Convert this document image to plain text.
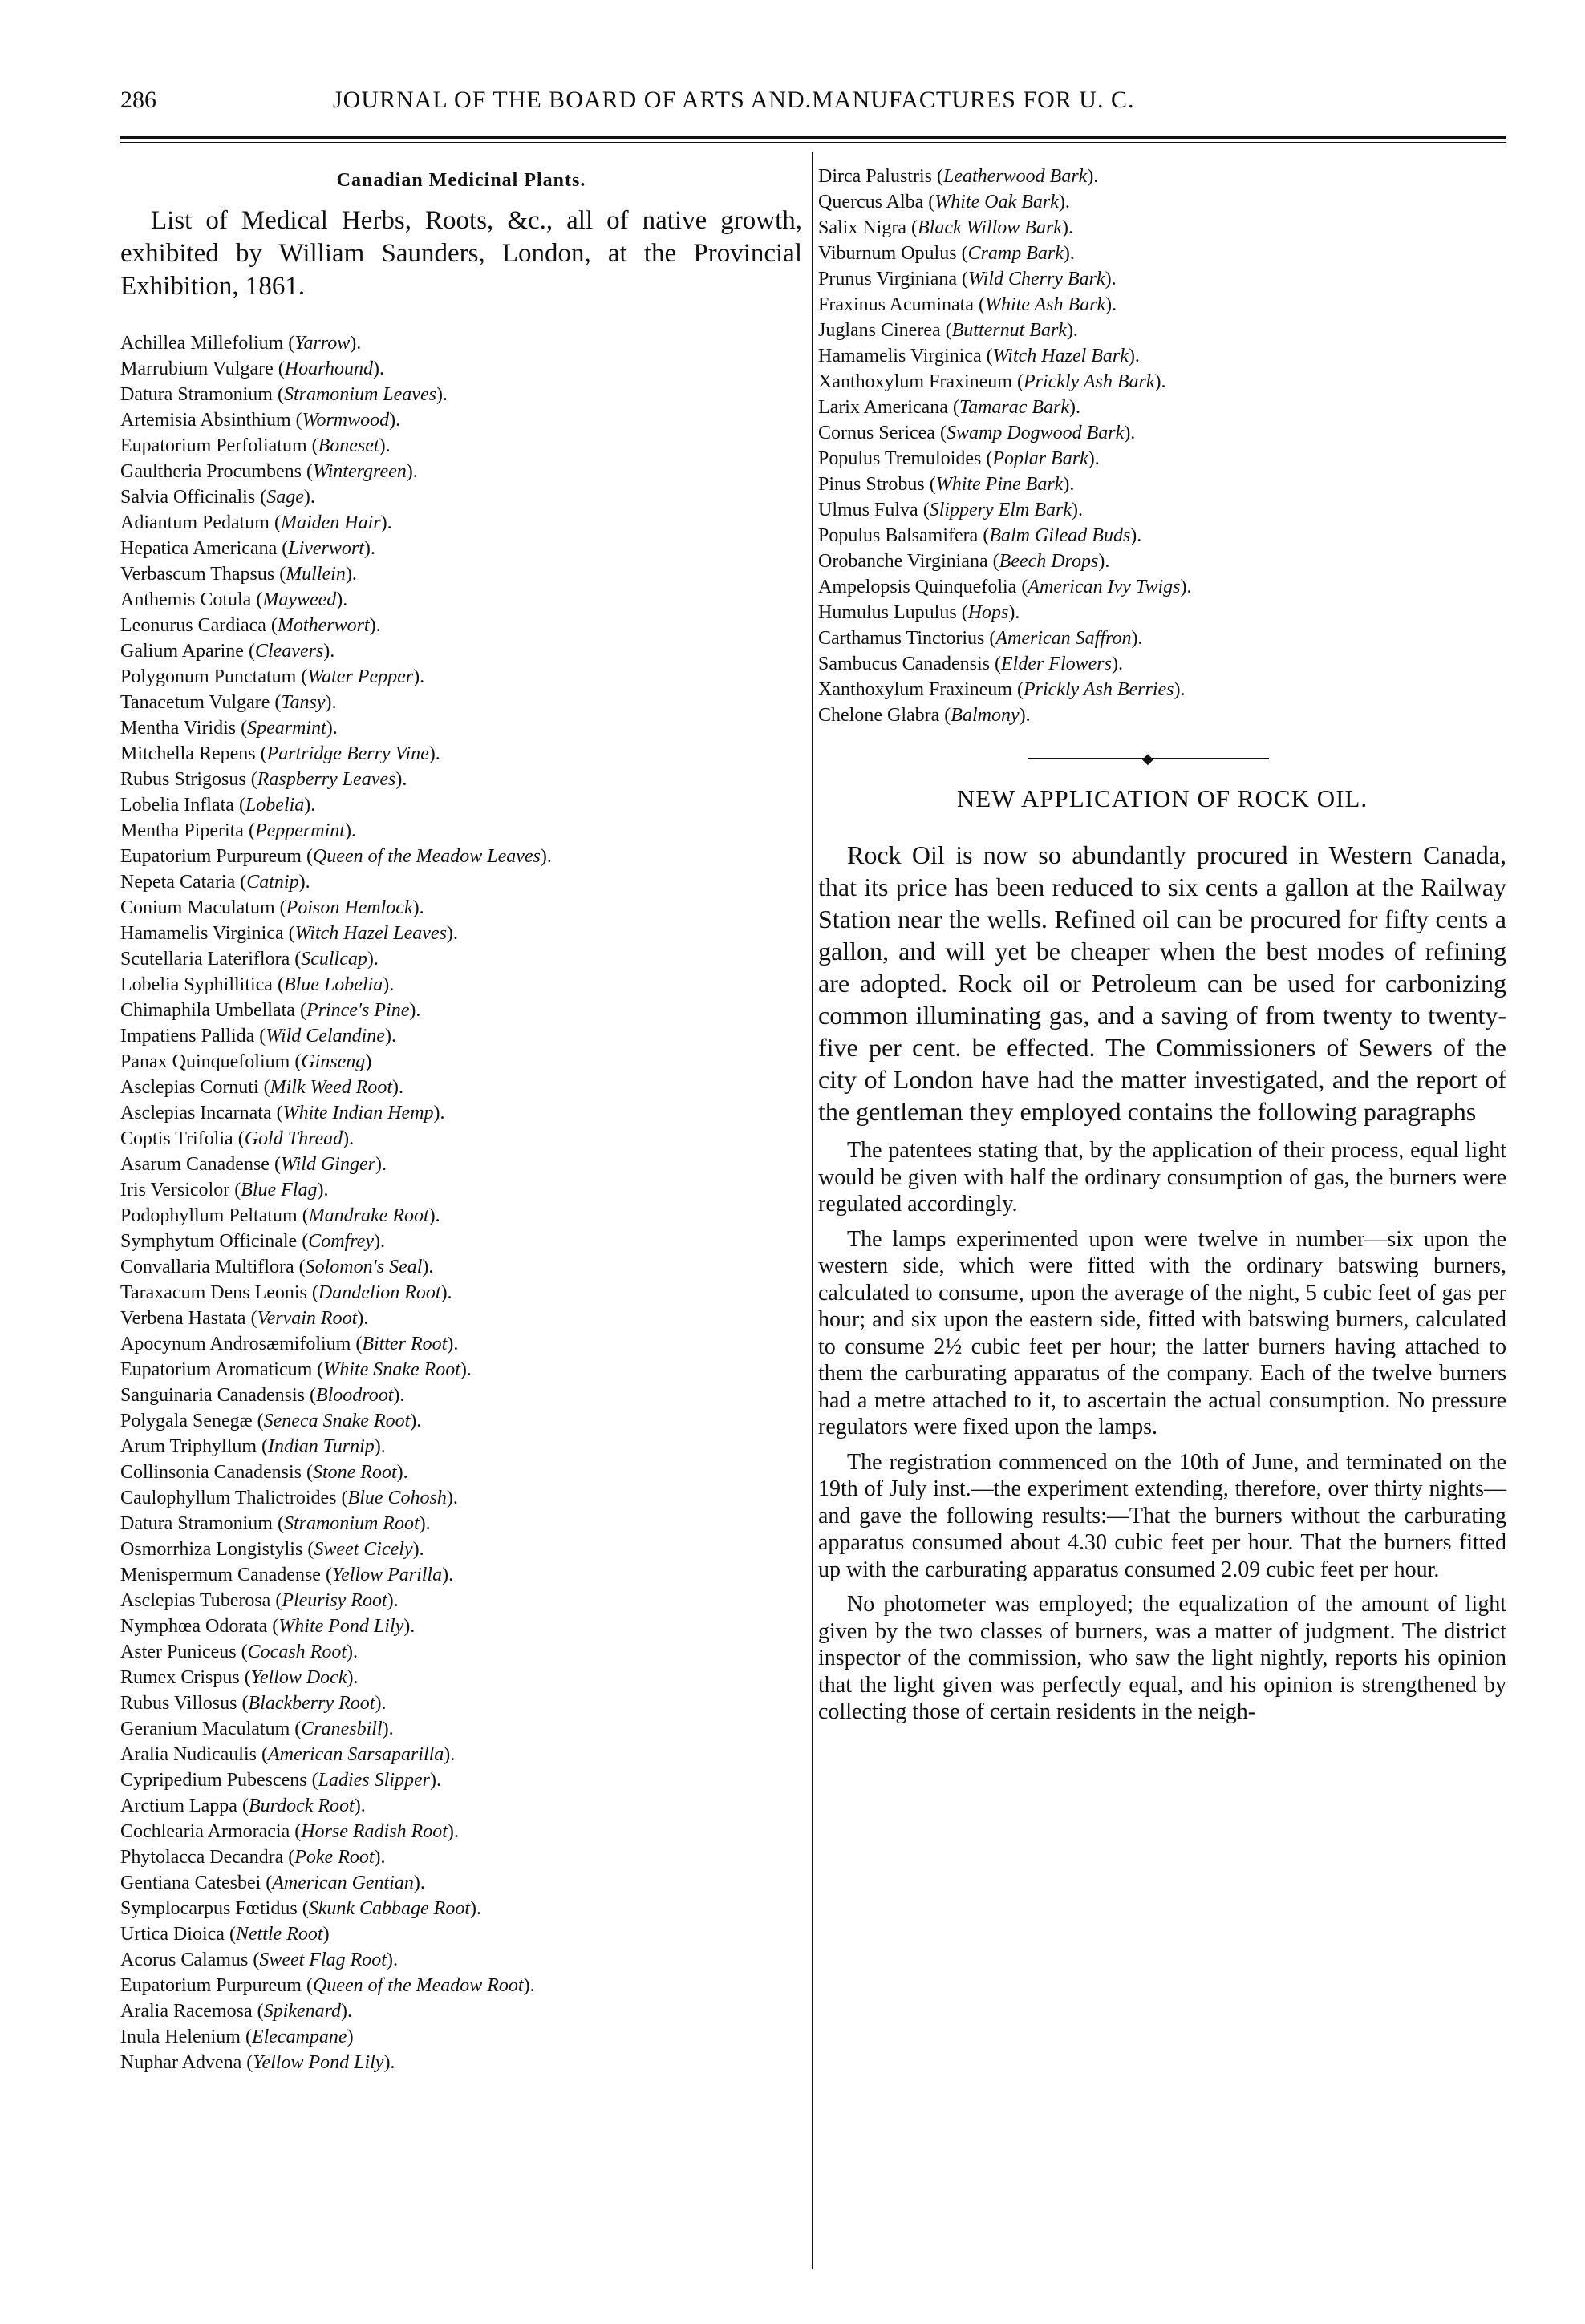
286	JOURNAL OF THE BOARD OF ARTS AND.MANUFACTURES FOR U. C.
Canadian Medicinal Plants.

List of Medical Herbs, Roots, &c., all of native growth, exhibited by William Saunders, London, at the Provincial Exhibition, 1861.

Achillea Millefolium (Yarrow).
Marrubium Vulgare (Hoarhound).
Datura Stramonium (Stramonium Leaves).
Artemisia Absinthium (Wormwood).
Eupatorium Perfoliatum (Boneset).
Gaultheria Procumbens (Wintergreen).
Salvia Officinalis (Sage).
Adiantum Pedatum (Maiden Hair).
Hepatica Americana (Liverwort).
Verbascum Thapsus (Mullein).
Anthemis Cotula (Mayweed).
Leonurus Cardiaca (Motherwort).
Galium Aparine (Cleavers).
Polygonum Punctatum (Water Pepper).
Tanacetum Vulgare (Tansy).
Mentha Viridis (Spearmint).
Mitchella Repens (Partridge Berry Vine).
Rubus Strigosus (Raspberry Leaves).
Lobelia Inflata (Lobelia).
Mentha Piperita (Peppermint).
Eupatorium Purpureum (Queen of the Meadow Leaves).
Nepeta Cataria (Catnip).
Conium Maculatum (Poison Hemlock).
Hamamelis Virginica (Witch Hazel Leaves).
Scutellaria Lateriflora (Scullcap).
Lobelia Syphillitica (Blue Lobelia).
Chimaphila Umbellata (Prince's Pine).
Impatiens Pallida (Wild Celandine).
Panax Quinquefolium (Ginseng)
Asclepias Cornuti (Milk Weed Root).
Asclepias Incarnata (White Indian Hemp).
Coptis Trifolia (Gold Thread).
Asarum Canadense (Wild Ginger).
Iris Versicolor (Blue Flag).
Podophyllum Peltatum (Mandrake Root).
Symphytum Officinale (Comfrey).
Convallaria Multiflora (Solomon's Seal).
Taraxacum Dens Leonis (Dandelion Root).
Verbena Hastata (Vervain Root).
Apocynum Androsæmifolium (Bitter Root).
Eupatorium Aromaticum (White Snake Root).
Sanguinaria Canadensis (Bloodroot).
Polygala Senegæ (Seneca Snake Root).
Arum Triphyllum (Indian Turnip).
Collinsonia Canadensis (Stone Root).
Caulophyllum Thalictroides (Blue Cohosh).
Datura Stramonium (Stramonium Root).
Osmorrhiza Longistylis (Sweet Cicely).
Menispermum Canadense (Yellow Parilla).
Asclepias Tuberosa (Pleurisy Root).
Nymphœa Odorata (White Pond Lily).
Aster Puniceus (Cocash Root).
Rumex Crispus (Yellow Dock).
Rubus Villosus (Blackberry Root).
Geranium Maculatum (Cranesbill).
Aralia Nudicaulis (American Sarsaparilla).
Cypripedium Pubescens (Ladies Slipper).
Arctium Lappa (Burdock Root).
Cochlearia Armoracia (Horse Radish Root).
Phytolacca Decandra (Poke Root).
Gentiana Catesbei (American Gentian).
Symplocarpus Fœtidus (Skunk Cabbage Root).
Urtica Dioica (Nettle Root)
Acorus Calamus (Sweet Flag Root).
Eupatorium Purpureum (Queen of the Meadow Root).
Aralia Racemosa (Spikenard).
Inula Helenium (Elecampane)
Nuphar Advena (Yellow Pond Lily).
Dirca Palustris (Leatherwood Bark).
Quercus Alba (White Oak Bark).
Salix Nigra (Black Willow Bark).
Viburnum Opulus (Cramp Bark).
Prunus Virginiana (Wild Cherry Bark).
Fraxinus Acuminata (White Ash Bark).
Juglans Cinerea (Butternut Bark).
Hamamelis Virginica (Witch Hazel Bark).
Xanthoxylum Fraxineum (Prickly Ash Bark).
Larix Americana (Tamarac Bark).
Cornus Sericea (Swamp Dogwood Bark).
Populus Tremuloides (Poplar Bark).
Pinus Strobus (White Pine Bark).
Ulmus Fulva (Slippery Elm Bark).
Populus Balsamifera (Balm Gilead Buds).
Orobanche Virginiana (Beech Drops).
Ampelopsis Quinquefolia (American Ivy Twigs).
Humulus Lupulus (Hops).
Carthamus Tinctorius (American Saffron).
Sambucus Canadensis (Elder Flowers).
Xanthoxylum Fraxineum (Prickly Ash Berries).
Chelone Glabra (Balmony).
◆
NEW APPLICATION OF ROCK OIL.

Rock Oil is now so abundantly procured in Western Canada, that its price has been reduced to six cents a gallon at the Railway Station near the wells. Refined oil can be procured for fifty cents a gallon, and will yet be cheaper when the best modes of refining are adopted. Rock oil or Petroleum can be used for carbonizing common illuminating gas, and a saving of from twenty to twenty-five per cent. be effected. The Commissioners of Sewers of the city of London have had the matter investigated, and the report of the gentleman they employed contains the following paragraphs

The patentees stating that, by the application of their process, equal light would be given with half the ordinary consumption of gas, the burners were regulated accordingly.

The lamps experimented upon were twelve in number—six upon the western side, which were fitted with the ordinary batswing burners, calculated to consume, upon the average of the night, 5 cubic feet of gas per hour; and six upon the eastern side, fitted with batswing burners, calculated to consume 2½ cubic feet per hour; the latter burners having attached to them the carburating apparatus of the company. Each of the twelve burners had a metre attached to it, to ascertain the actual consumption. No pressure regulators were fixed upon the lamps.

The registration commenced on the 10th of June, and terminated on the 19th of July inst.—the experiment extending, therefore, over thirty nights—and gave the following results:—That the burners without the carburating apparatus consumed about 4.30 cubic feet per hour. That the burners fitted up with the carburating apparatus consumed 2.09 cubic feet per hour.

No photometer was employed; the equalization of the amount of light given by the two classes of burners, was a matter of judgment. The district inspector of the commission, who saw the light nightly, reports his opinion that the light given was perfectly equal, and his opinion is strengthened by collecting those of certain residents in the neigh-
